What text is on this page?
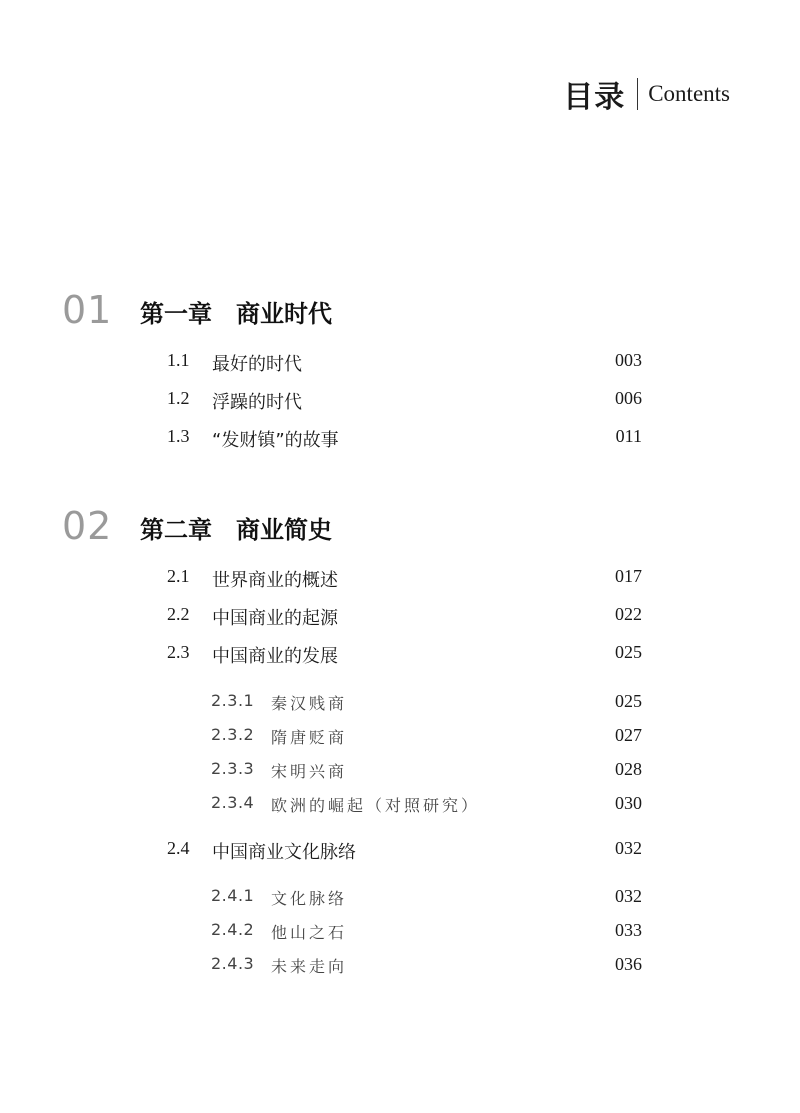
目录 Contents
01 第一章　商业时代
1.1 最好的时代	003
1.2 浮躁的时代	006
1.3 “发财镇”的故事	011
02 第二章　商业简史
2.1 世界商业的概述	017
2.2 中国商业的起源	022
2.3 中国商业的发展	025
2.3.1 秦汉贱商	025
2.3.2 隋唐贬商	027
2.3.3 宋明兴商	028
2.3.4 欧洲的崛起（对照研究）	030
2.4 中国商业文化脉络	032
2.4.1 文化脉络	032
2.4.2 他山之石	033
2.4.3 未来走向	036
